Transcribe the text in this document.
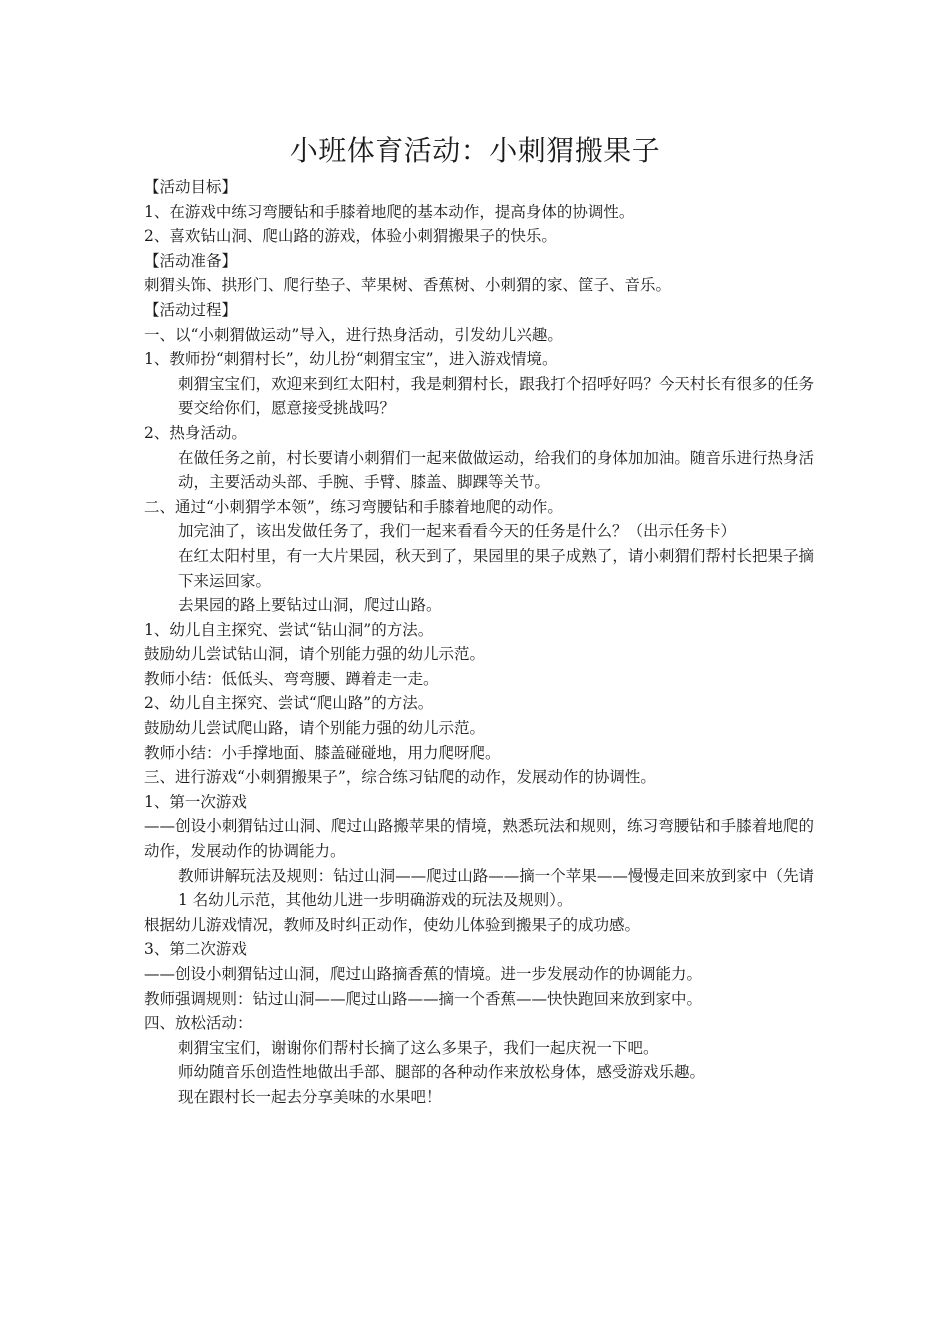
小班体育活动：小刺猬搬果子
【活动目标】
1、在游戏中练习弯腰钻和手膝着地爬的基本动作，提高身体的协调性。
2、喜欢钻山洞、爬山路的游戏，体验小刺猬搬果子的快乐。
【活动准备】
刺猬头饰、拱形门、爬行垫子、苹果树、香蕉树、小刺猬的家、筐子、音乐。
【活动过程】
一、以“小刺猬做运动”导入，进行热身活动，引发幼儿兴趣。
1、教师扮“刺猬村长”，幼儿扮“刺猬宝宝”，进入游戏情境。
刺猬宝宝们，欢迎来到红太阳村，我是刺猬村长，跟我打个招呼好吗？今天村长有很多的任务要交给你们，愿意接受挑战吗？
2、热身活动。
在做任务之前，村长要请小刺猬们一起来做做运动，给我们的身体加加油。随音乐进行热身活动，主要活动头部、手腕、手臂、膝盖、脚踝等关节。
二、通过“小刺猬学本领”，练习弯腰钻和手膝着地爬的动作。
加完油了，该出发做任务了，我们一起来看看今天的任务是什么？（出示任务卡）
在红太阳村里，有一大片果园，秋天到了，果园里的果子成熟了，请小刺猬们帮村长把果子摘下来运回家。
去果园的路上要钻过山洞，爬过山路。
1、幼儿自主探究、尝试“钻山洞”的方法。
鼓励幼儿尝试钻山洞，请个别能力强的幼儿示范。
教师小结：低低头、弯弯腰、蹲着走一走。
2、幼儿自主探究、尝试“爬山路”的方法。
鼓励幼儿尝试爬山路，请个别能力强的幼儿示范。
教师小结：小手撑地面、膝盖碰碰地，用力爬呀爬。
三、进行游戏“小刺猬搬果子”，综合练习钻爬的动作，发展动作的协调性。
1、第一次游戏
——创设小刺猬钻过山洞、爬过山路搬苹果的情境，熟悉玩法和规则，练习弯腰钻和手膝着地爬的动作，发展动作的协调能力。
教师讲解玩法及规则：钻过山洞——爬过山路——摘一个苹果——慢慢走回来放到家中（先请 1 名幼儿示范，其他幼儿进一步明确游戏的玩法及规则）。
根据幼儿游戏情况，教师及时纠正动作，使幼儿体验到搬果子的成功感。
3、第二次游戏
——创设小刺猬钻过山洞，爬过山路摘香蕉的情境。进一步发展动作的协调能力。
教师强调规则：钻过山洞——爬过山路——摘一个香蕉——快快跑回来放到家中。
四、放松活动：
刺猬宝宝们，谢谢你们帮村长摘了这么多果子，我们一起庆祝一下吧。
师幼随音乐创造性地做出手部、腿部的各种动作来放松身体，感受游戏乐趣。
现在跟村长一起去分享美味的水果吧！
